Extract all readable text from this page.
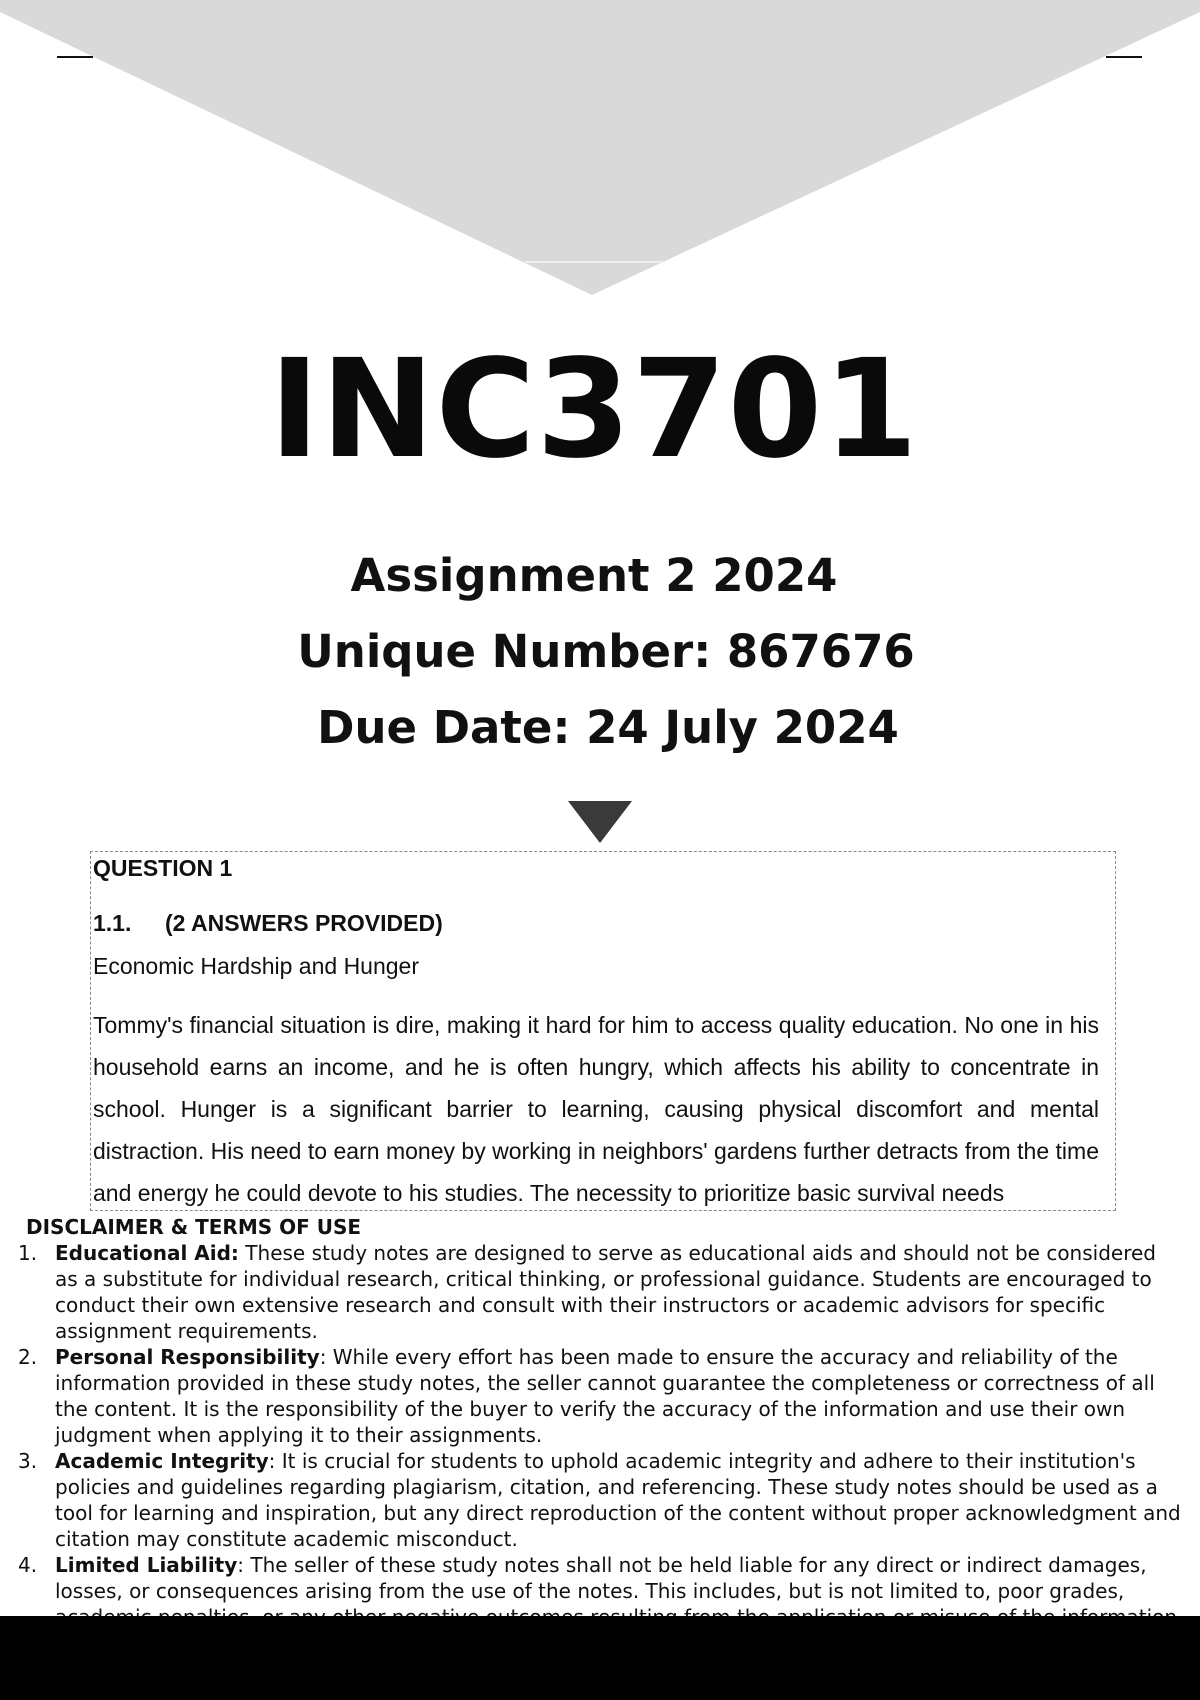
INC3701
Assignment 2 2024
Unique Number: 867676
Due Date: 24 July 2024
QUESTION 1
1.1. (2 ANSWERS PROVIDED)
Economic Hardship and Hunger
Tommy's financial situation is dire, making it hard for him to access quality education. No one in his household earns an income, and he is often hungry, which affects his ability to concentrate in school. Hunger is a significant barrier to learning, causing physical discomfort and mental distraction. His need to earn money by working in neighbors' gardens further detracts from the time and energy he could devote to his studies. The necessity to prioritize basic survival needs
DISCLAIMER & TERMS OF USE
1. Educational Aid: These study notes are designed to serve as educational aids and should not be considered as a substitute for individual research, critical thinking, or professional guidance. Students are encouraged to conduct their own extensive research and consult with their instructors or academic advisors for specific assignment requirements.
2. Personal Responsibility: While every effort has been made to ensure the accuracy and reliability of the information provided in these study notes, the seller cannot guarantee the completeness or correctness of all the content. It is the responsibility of the buyer to verify the accuracy of the information and use their own judgment when applying it to their assignments.
3. Academic Integrity: It is crucial for students to uphold academic integrity and adhere to their institution's policies and guidelines regarding plagiarism, citation, and referencing. These study notes should be used as a tool for learning and inspiration, but any direct reproduction of the content without proper acknowledgment and citation may constitute academic misconduct.
4. Limited Liability: The seller of these study notes shall not be held liable for any direct or indirect damages, losses, or consequences arising from the use of the notes. This includes, but is not limited to, poor grades,
